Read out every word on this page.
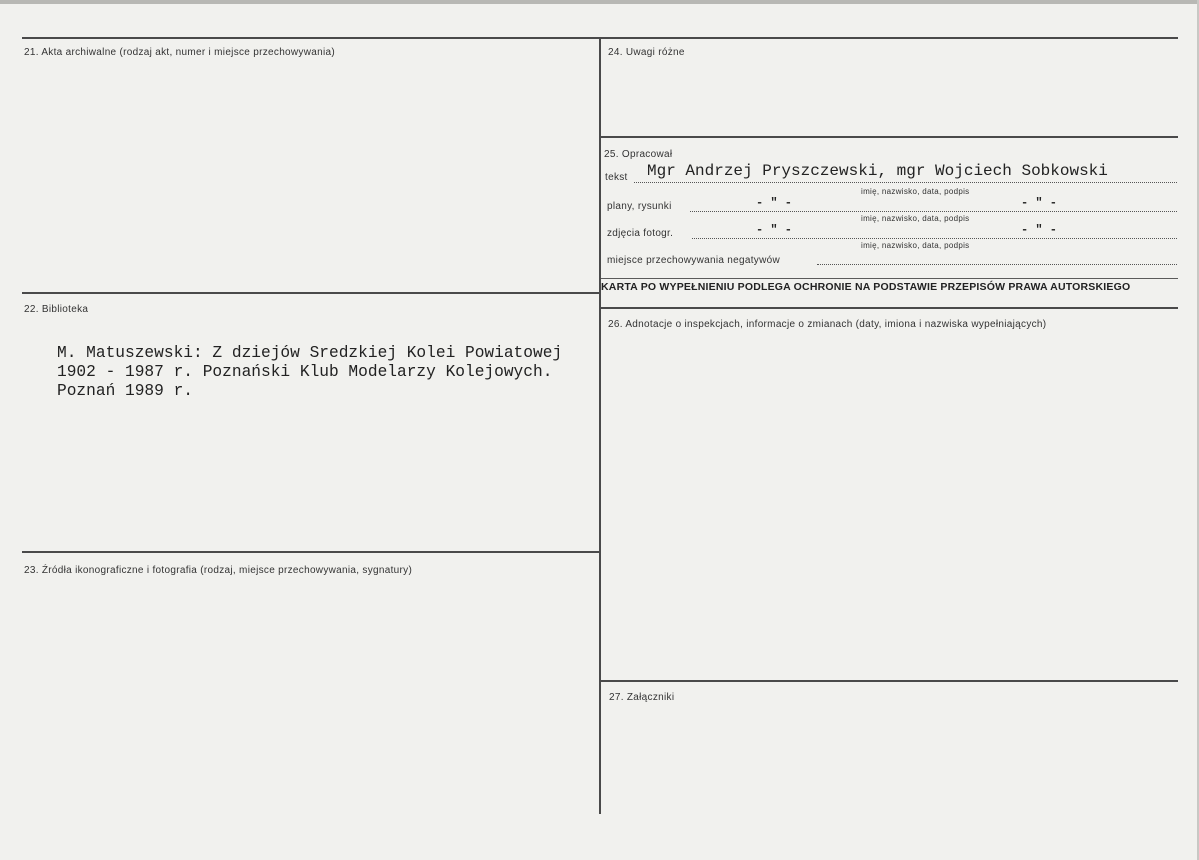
21. Akta archiwalne (rodzaj akt, numer i miejsce przechowywania)
22. Biblioteka
23. Źródła ikonograficzne i fotografia (rodzaj, miejsce przechowywania, sygnatury)
24. Uwagi różne
25. Opracował
26. Adnotacje o inspekcjach, informacje o zmianach (daty, imiona i nazwiska wypełniających)
27. Załączniki
M. Matuszewski: Z dziejów Sredzkiej Kolei Powiatowej
1902 - 1987 r. Poznański Klub Modelarzy Kolejowych.
Poznań 1989 r.
tekst Mgr Andrzej Pryszczewski, mgr Wojciech Sobkowski
imię, nazwisko, data, podpis
plany, rysunki	- " -	- " -
imię, nazwisko, data, podpis
zdjęcia fotogr.	- " -	- " -
imię, nazwisko, data, podpis
miejsce przechowywania negatywów
KARTA PO WYPEŁNIENIU PODLEGA OCHRONIE NA PODSTAWIE PRZEPISÓW PRAWA AUTORSKIEGO
